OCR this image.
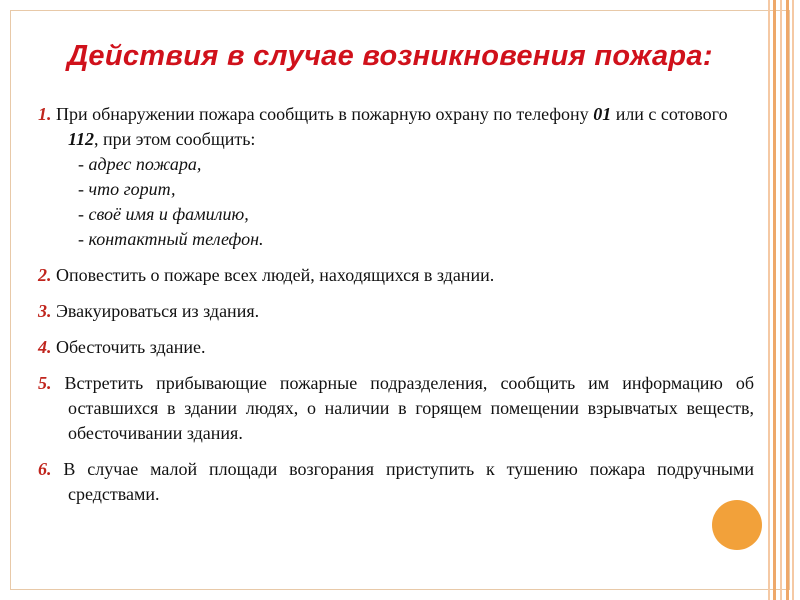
Действия в случае возникновения пожара:
1. При обнаружении пожара сообщить в пожарную охрану по телефону 01 или с сотового 112, при этом сообщить:
- адрес пожара,
- что горит,
- своё имя и фамилию,
- контактный телефон.
2. Оповестить о пожаре всех людей, находящихся в здании.
3. Эвакуироваться из здания.
4. Обесточить здание.
5. Встретить прибывающие пожарные подразделения, сообщить им информацию об оставшихся в здании людях, о наличии в горящем помещении взрывчатых веществ, обесточивании здания.
6. В случае малой площади возгорания приступить к тушению пожара подручными средствами.
